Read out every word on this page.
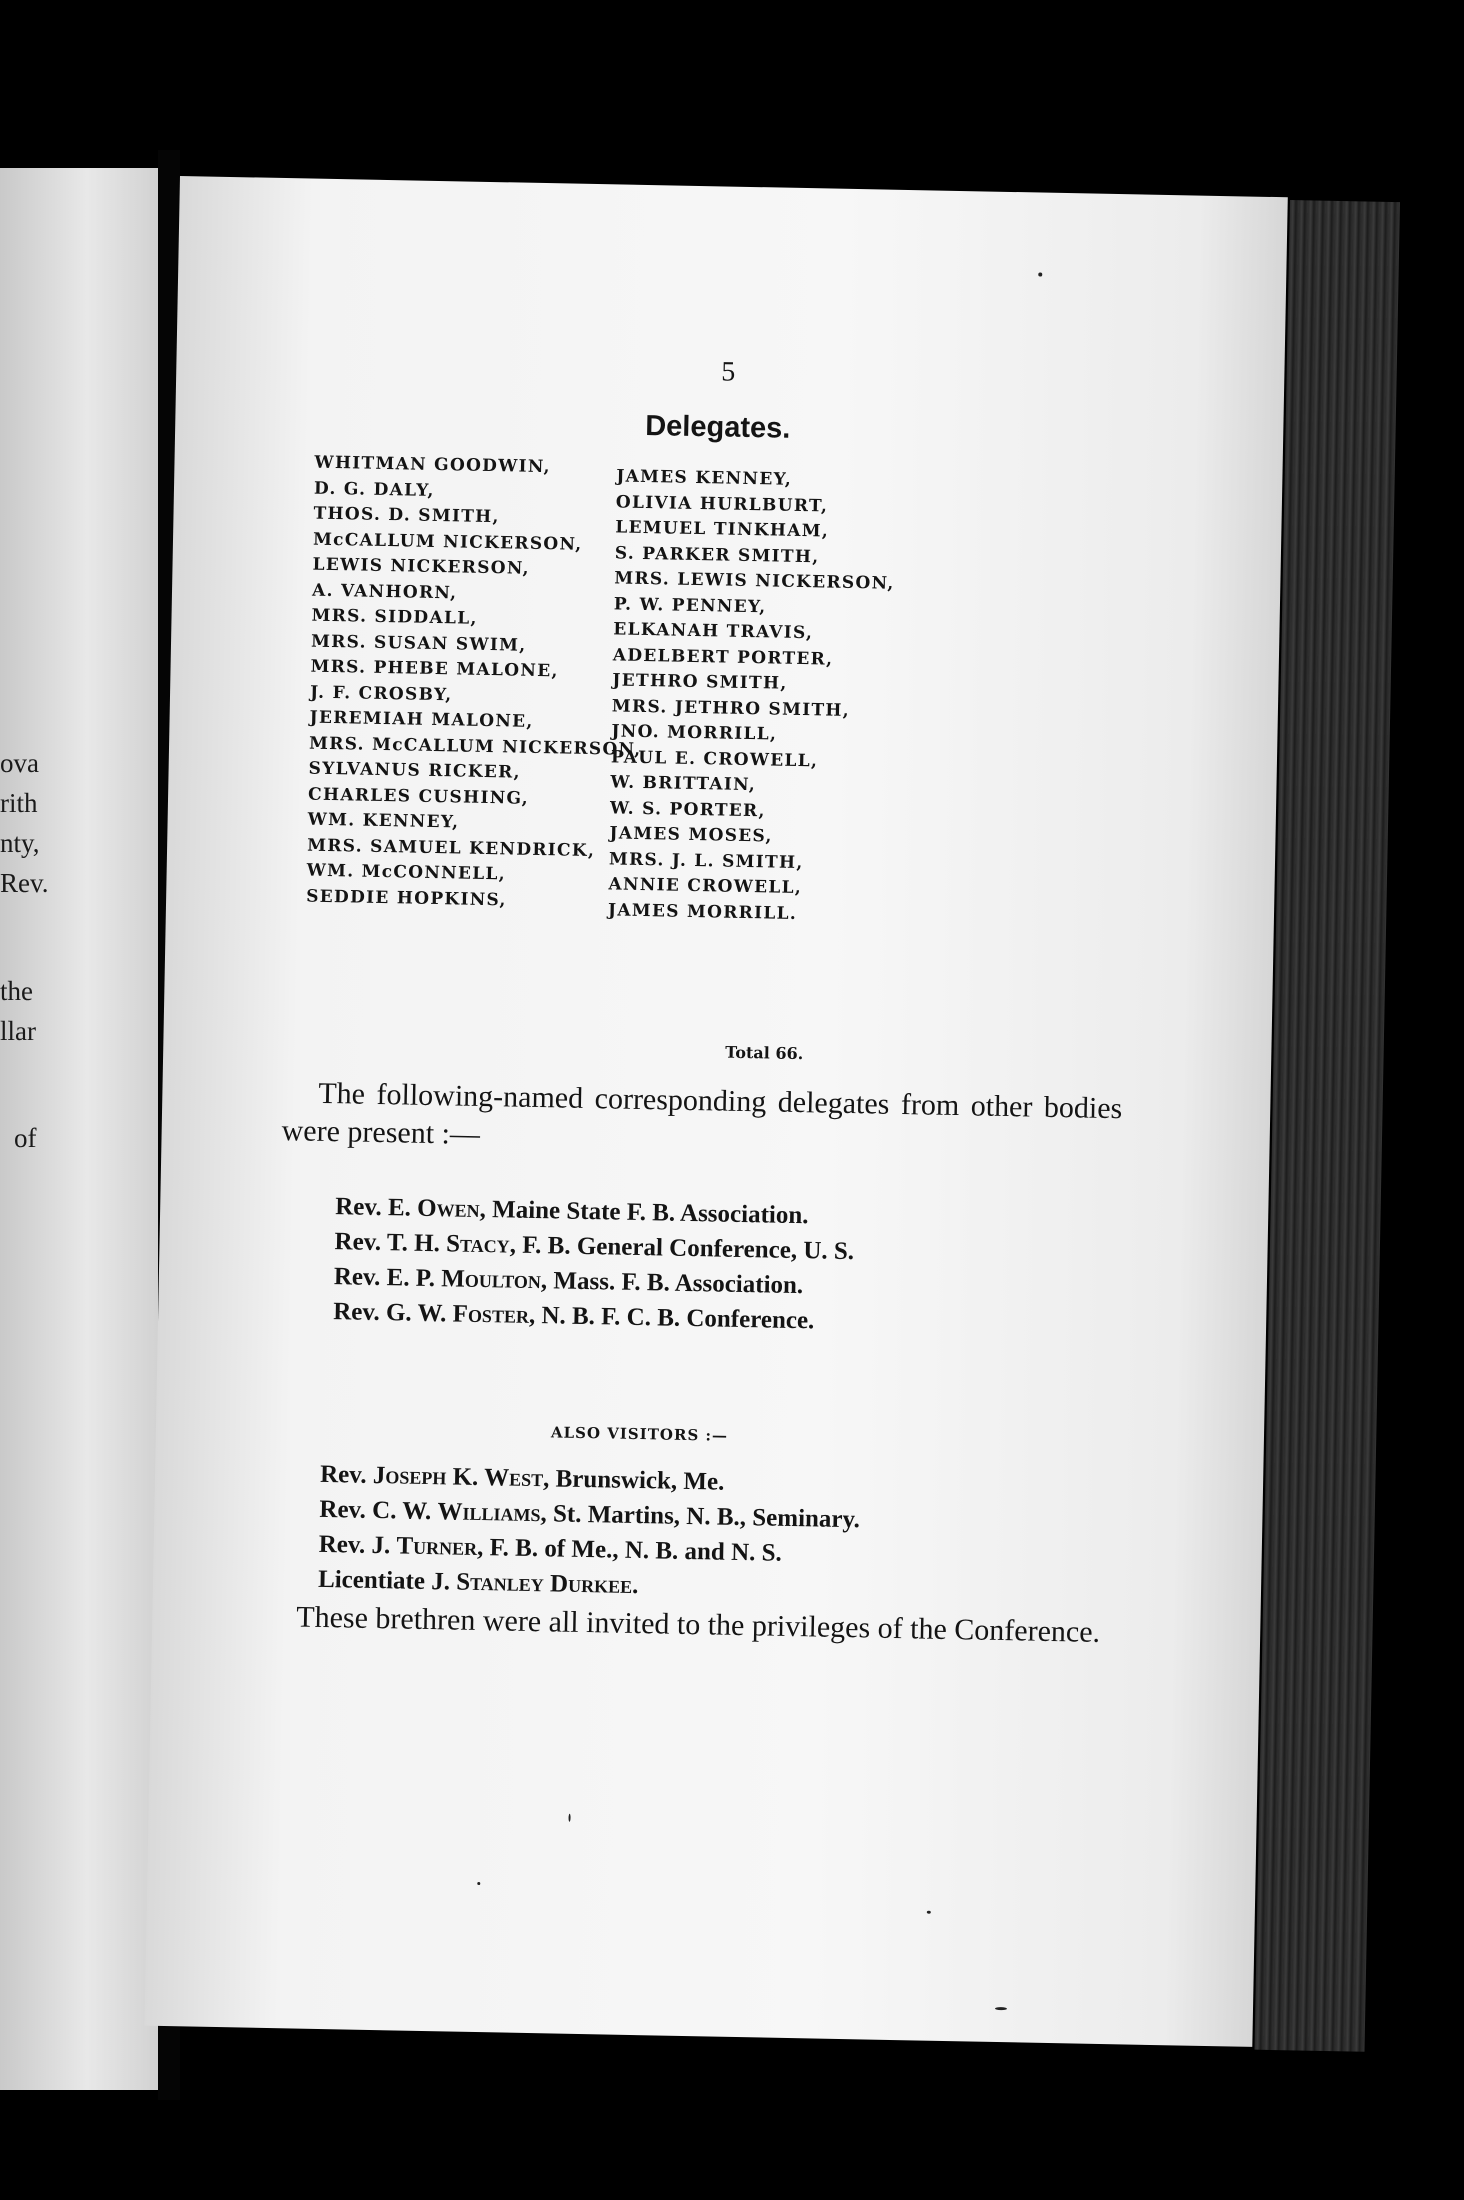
ova
rith
nty,
Rev.
the
llar
of
5
Delegates.
WHITMAN GOODWIN,
D. G. DALY,
THOS. D. SMITH,
McCALLUM NICKERSON,
LEWIS NICKERSON,
A. VANHORN,
MRS. SIDDALL,
MRS. SUSAN SWIM,
MRS. PHEBE MALONE,
J. F. CROSBY,
JEREMIAH MALONE,
MRS. McCALLUM NICKERSON,
SYLVANUS RICKER,
CHARLES CUSHING,
WM. KENNEY,
MRS. SAMUEL KENDRICK,
WM. McCONNELL,
SEDDIE HOPKINS,
JAMES KENNEY,
OLIVIA HURLBURT,
LEMUEL TINKHAM,
S. PARKER SMITH,
MRS. LEWIS NICKERSON,
P. W. PENNEY,
ELKANAH TRAVIS,
ADELBERT PORTER,
JETHRO SMITH,
MRS. JETHRO SMITH,
JNO. MORRILL,
PAUL E. CROWELL,
W. BRITTAIN,
W. S. PORTER,
JAMES MOSES,
MRS. J. L. SMITH,
ANNIE CROWELL,
JAMES MORRILL.
Total 66.

The following-named corresponding delegates from other bodies were present :—

Rev. E. Owen, Maine State F. B. Association.
Rev. T. H. Stacy, F. B. General Conference, U. S.
Rev. E. P. Moulton, Mass. F. B. Association.
Rev. G. W. Foster, N. B. F. C. B. Conference.
ALSO VISITORS :—
Rev. Joseph K. West, Brunswick, Me.
Rev. C. W. Williams, St. Martins, N. B., Seminary.
Rev. J. Turner, F. B. of Me., N. B. and N. S.
Licentiate J. Stanley Durkee.

These brethren were all invited to the privileges of the Conference.
